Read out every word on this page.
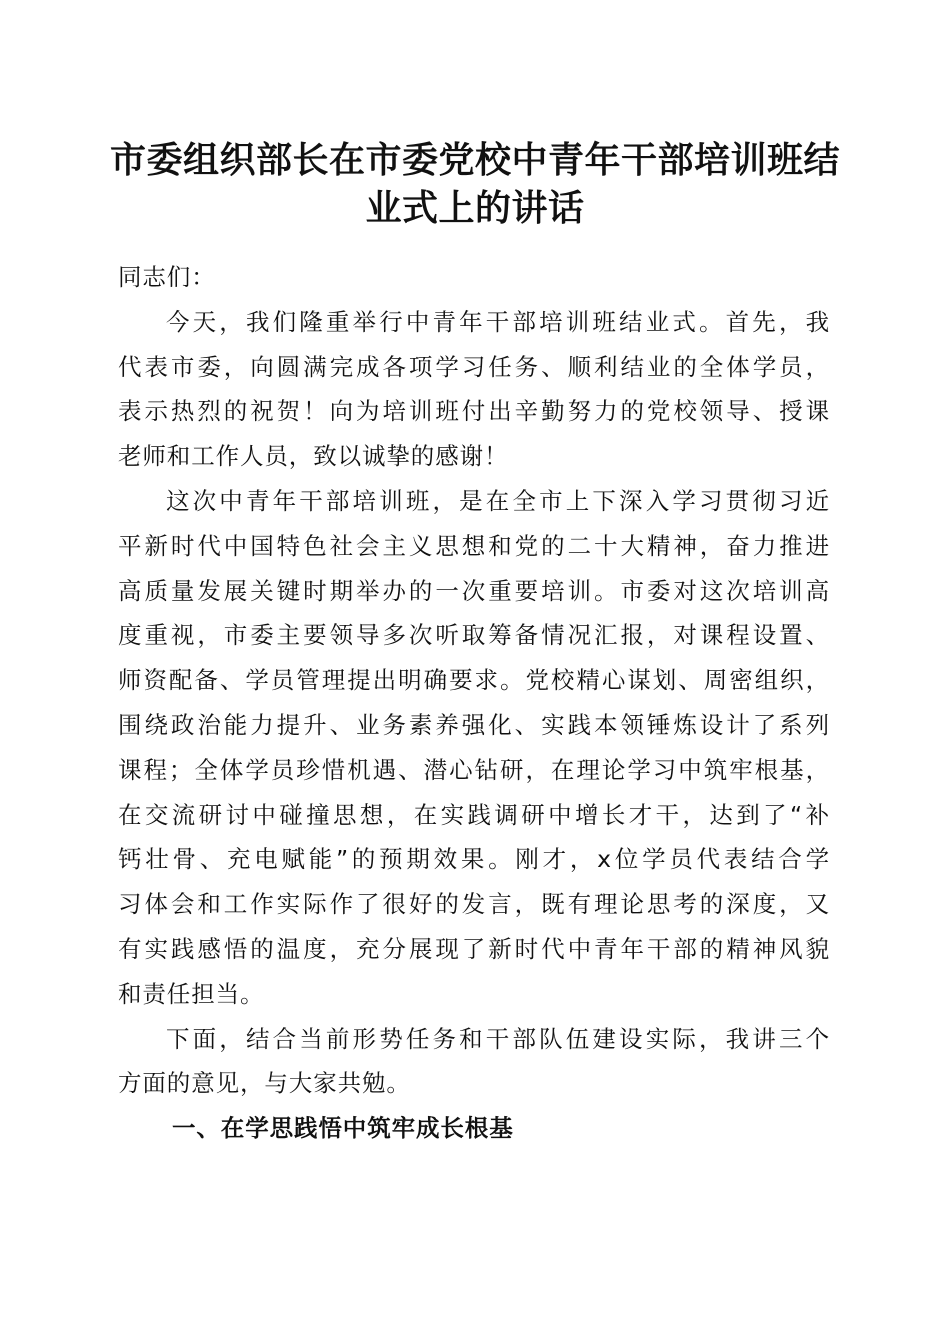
市委组织部长在市委党校中青年干部培训班结
业式上的讲话

同志们：

今天，我们隆重举行中青年干部培训班结业式。首先，我
代表市委，向圆满完成各项学习任务、顺利结业的全体学员，
表示热烈的祝贺！向为培训班付出辛勤努力的党校领导、授课
老师和工作人员，致以诚挚的感谢！

这次中青年干部培训班，是在全市上下深入学习贯彻习近
平新时代中国特色社会主义思想和党的二十大精神，奋力推进
高质量发展关键时期举办的一次重要培训。市委对这次培训高
度重视，市委主要领导多次听取筹备情况汇报，对课程设置、
师资配备、学员管理提出明确要求。党校精心谋划、周密组织，
围绕政治能力提升、业务素养强化、实践本领锤炼设计了系列
课程；全体学员珍惜机遇、潜心钻研，在理论学习中筑牢根基，
在交流研讨中碰撞思想，在实践调研中增长才干，达到了“补
钙壮骨、充电赋能”的预期效果。刚才，x位学员代表结合学
习体会和工作实际作了很好的发言，既有理论思考的深度，又
有实践感悟的温度，充分展现了新时代中青年干部的精神风貌
和责任担当。

下面，结合当前形势任务和干部队伍建设实际，我讲三个
方面的意见，与大家共勉。

一、在学思践悟中筑牢成长根基
